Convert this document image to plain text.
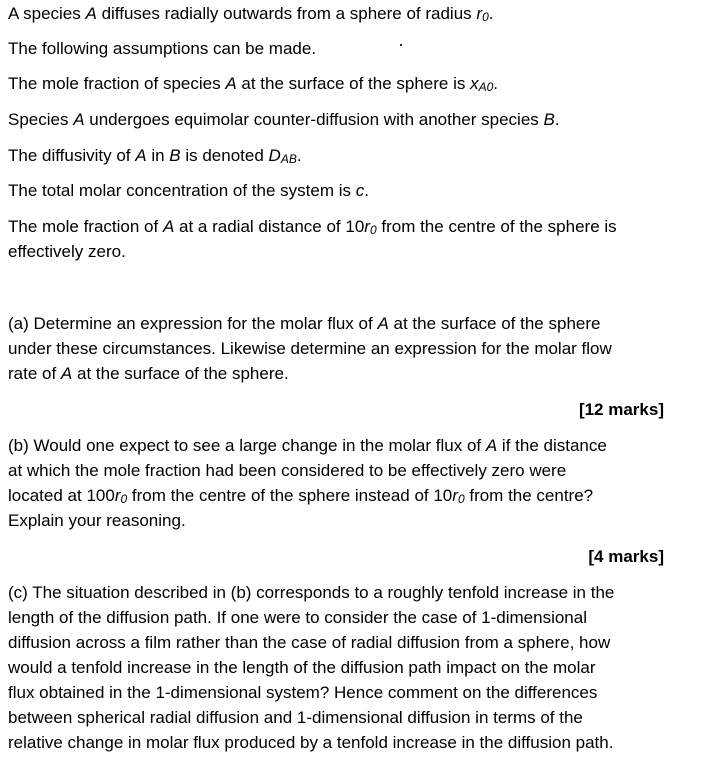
A species A diffuses radially outwards from a sphere of radius r0.
The following assumptions can be made.
The mole fraction of species A at the surface of the sphere is xA0.
Species A undergoes equimolar counter-diffusion with another species B.
The diffusivity of A in B is denoted DAB.
The total molar concentration of the system is c.
The mole fraction of A at a radial distance of 10r0 from the centre of the sphere is
effectively zero.
(a) Determine an expression for the molar flux of A at the surface of the sphere
under these circumstances. Likewise determine an expression for the molar flow
rate of A at the surface of the sphere.
[12 marks]
(b) Would one expect to see a large change in the molar flux of A if the distance
at which the mole fraction had been considered to be effectively zero were
located at 100r0 from the centre of the sphere instead of 10r0 from the centre?
Explain your reasoning.
[4 marks]
(c) The situation described in (b) corresponds to a roughly tenfold increase in the
length of the diffusion path. If one were to consider the case of 1-dimensional
diffusion across a film rather than the case of radial diffusion from a sphere, how
would a tenfold increase in the length of the diffusion path impact on the molar
flux obtained in the 1-dimensional system? Hence comment on the differences
between spherical radial diffusion and 1-dimensional diffusion in terms of the
relative change in molar flux produced by a tenfold increase in the diffusion path.
